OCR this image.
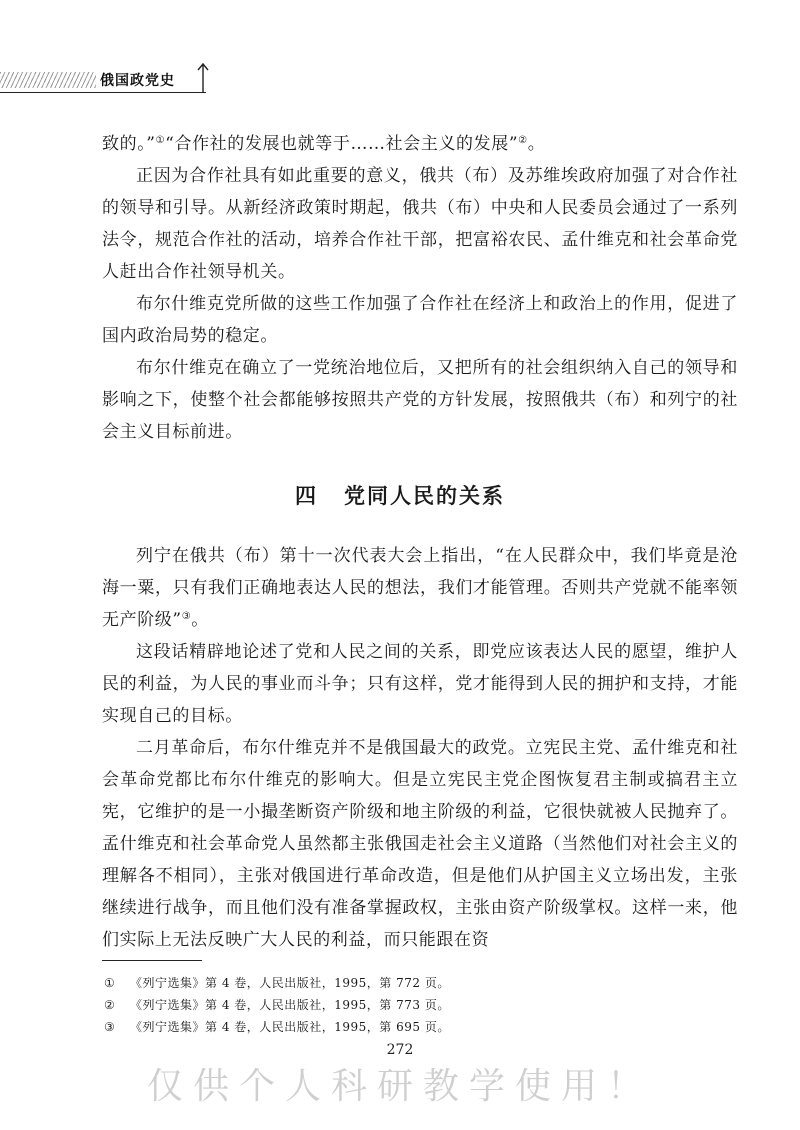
俄国政党史

致的。”①“合作社的发展也就等于……社会主义的发展”②。

正因为合作社具有如此重要的意义，俄共（布）及苏维埃政府加强了对合作社的领导和引导。从新经济政策时期起，俄共（布）中央和人民委员会通过了一系列法令，规范合作社的活动，培养合作社干部，把富裕农民、孟什维克和社会革命党人赶出合作社领导机关。

布尔什维克党所做的这些工作加强了合作社在经济上和政治上的作用，促进了国内政治局势的稳定。

布尔什维克在确立了一党统治地位后，又把所有的社会组织纳入自己的领导和影响之下，使整个社会都能够按照共产党的方针发展，按照俄共（布）和列宁的社会主义目标前进。

四 党同人民的关系

列宁在俄共（布）第十一次代表大会上指出，“在人民群众中，我们毕竟是沧海一粟，只有我们正确地表达人民的想法，我们才能管理。否则共产党就不能率领无产阶级”③。

这段话精辟地论述了党和人民之间的关系，即党应该表达人民的愿望，维护人民的利益，为人民的事业而斗争；只有这样，党才能得到人民的拥护和支持，才能实现自己的目标。

二月革命后，布尔什维克并不是俄国最大的政党。立宪民主党、孟什维克和社会革命党都比布尔什维克的影响大。但是立宪民主党企图恢复君主制或搞君主立宪，它维护的是一小撮垄断资产阶级和地主阶级的利益，它很快就被人民抛弃了。孟什维克和社会革命党人虽然都主张俄国走社会主义道路（当然他们对社会主义的理解各不相同），主张对俄国进行革命改造，但是他们从护国主义立场出发，主张继续进行战争，而且他们没有准备掌握政权，主张由资产阶级掌权。这样一来，他们实际上无法反映广大人民的利益，而只能跟在资

① 《列宁选集》第 4 卷，人民出版社，1995，第 772 页。
② 《列宁选集》第 4 卷，人民出版社，1995，第 773 页。
③ 《列宁选集》第 4 卷，人民出版社，1995，第 695 页。
272
仅供个人科研教学使用！
